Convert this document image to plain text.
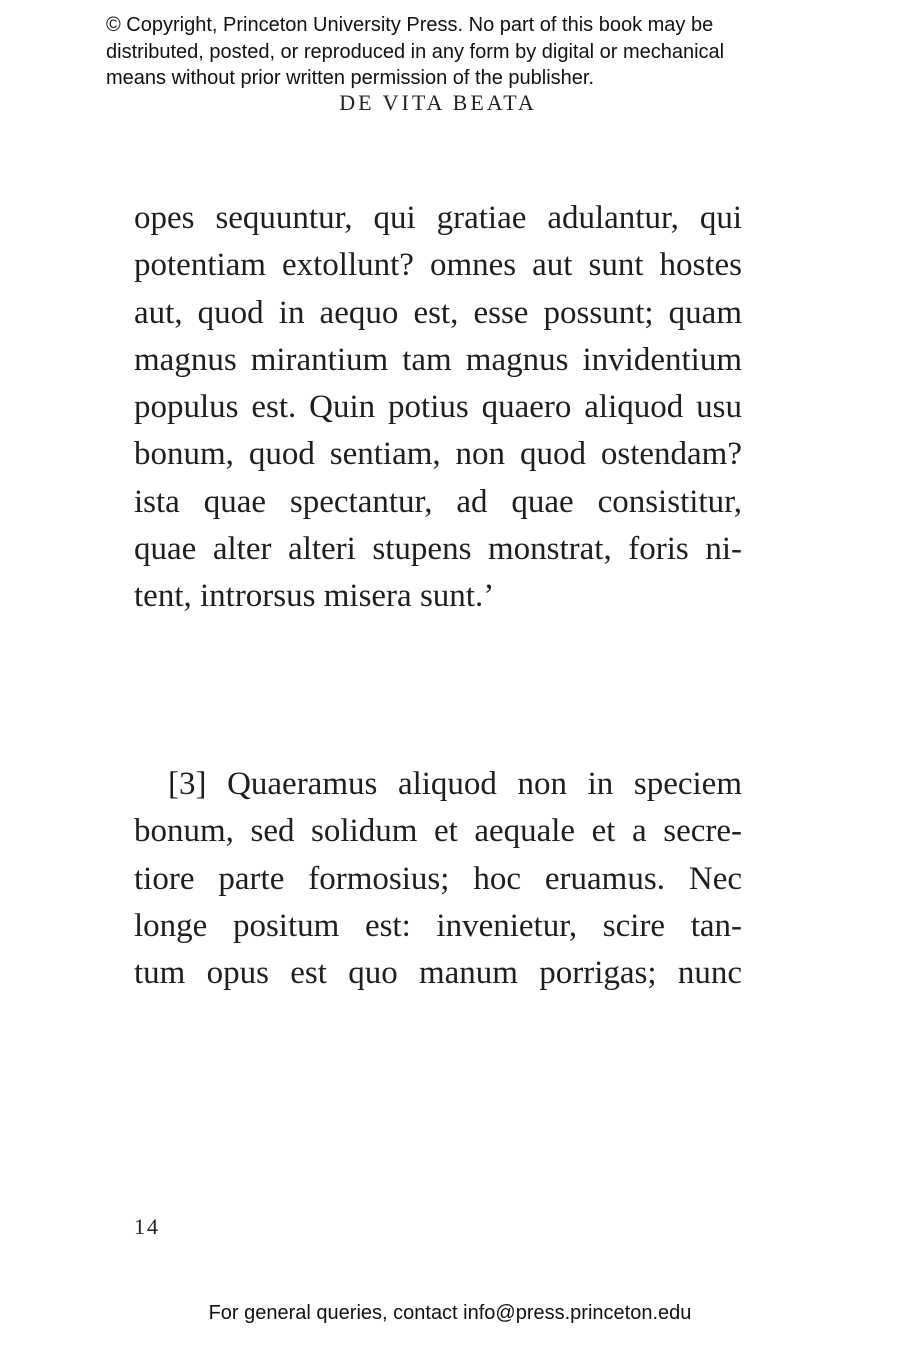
© Copyright, Princeton University Press. No part of this book may be
distributed, posted, or reproduced in any form by digital or mechanical
means without prior written permission of the publisher.
DE VITA BEATA
opes sequuntur, qui gratiae adulantur, qui
potentiam extollunt? omnes aut sunt hostes
aut, quod in aequo est, esse possunt; quam
magnus mirantium tam magnus invidentium
populus est. Quin potius quaero aliquod usu
bonum, quod sentiam, non quod ostendam?
ista quae spectantur, ad quae consistitur,
quae alter alteri stupens monstrat, foris ni-
tent, introrsus misera sunt.’
[3] Quaeramus aliquod non in speciem
bonum, sed solidum et aequale et a secre-
tiore parte formosius; hoc eruamus. Nec
longe positum est: invenietur, scire tan-
tum opus est quo manum porrigas; nunc
14
For general queries, contact info@press.princeton.edu
